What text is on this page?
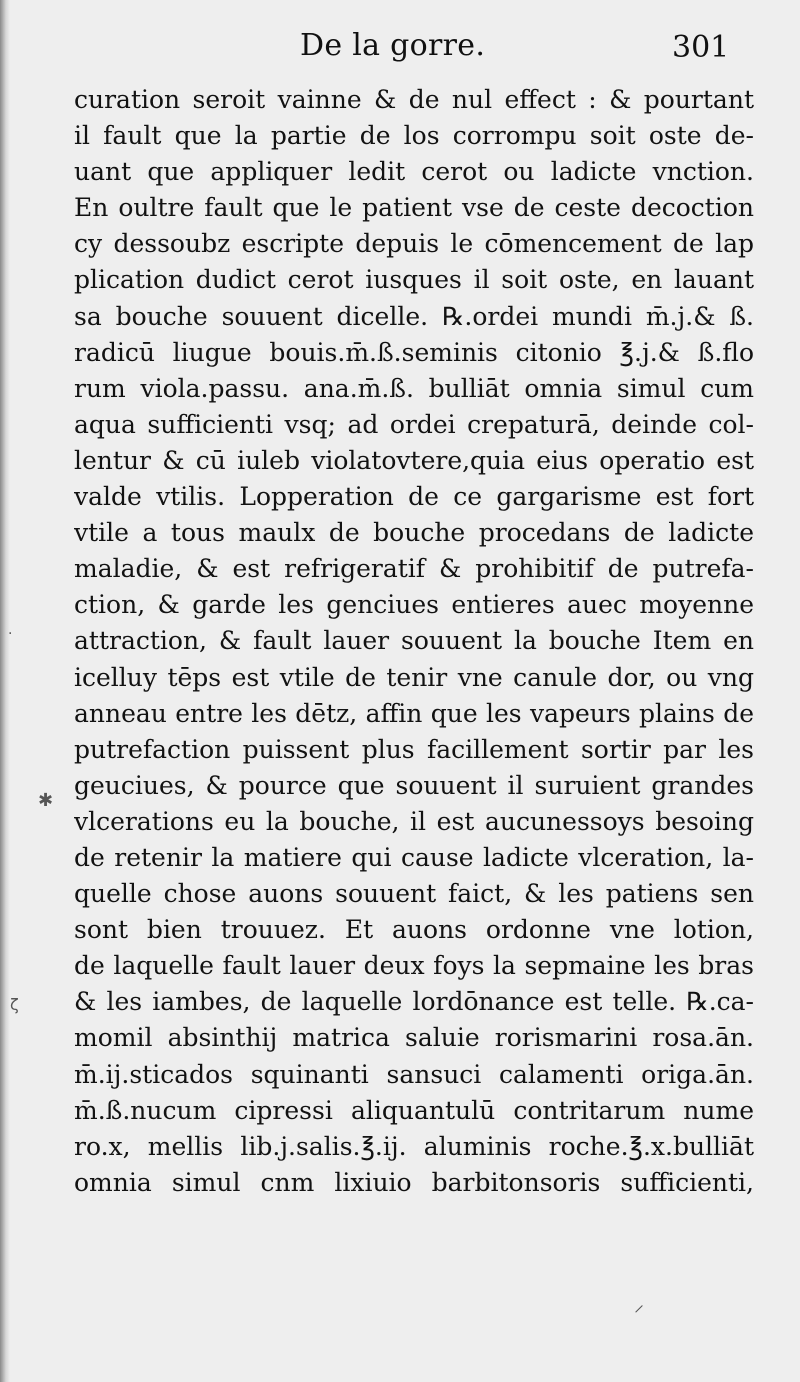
De la gorre.	301
curation seroit vainne & de nul effect : & pourtant
il fault que la partie de los corrompu soit oste de-
uant que appliquer ledit cerot ou ladicte vnction.
En oultre fault que le patient vse de ceste decoction
cy dessoubz escripte depuis le cōmencement de lap
plication dudict cerot iusques il soit oste, en lauant
sa bouche souuent dicelle. ℞.ordei mundi m̄.j.& ß.
radicū liugue bouis.m̄.ß.seminis citonio ℥.j.& ß.flo
rum viola.passu. ana.m̄.ß. bulliāt omnia simul cum
aqua sufficienti vsq; ad ordei crepaturā, deinde col-
lentur & cū iuleb violatovtere,quia eius operatio est
valde vtilis. Lopperation de ce gargarisme est fort
vtile a tous maulx de bouche procedans de ladicte
maladie, & est refrigeratif & prohibitif de putrefa-
ction, & garde les genciues entieres auec moyenne
attraction, & fault lauer souuent la bouche Item en
icelluy tēps est vtile de tenir vne canule dor, ou vng
anneau entre les dētz, affin que les vapeurs plains de
putrefaction puissent plus facillement sortir par les
geuciues, & pource que souuent il suruient grandes
vlcerations eu la bouche, il est aucunessoys besoing
de retenir la matiere qui cause ladicte vlceration, la-
quelle chose auons souuent faict, & les patiens sen
sont bien trouuez. Et auons ordonne vne lotion,
de laquelle fault lauer deux foys la sepmaine les bras
& les iambes, de laquelle lordōnance est telle. ℞.ca-
momil absinthij matrica saluie rorismarini rosa.ān.
m̄.ij.sticados squinanti sansuci calamenti origa.ān.
m̄.ß.nucum cipressi aliquantulū contritarum nume
ro.x, mellis lib.j.salis.℥.ij. aluminis roche.℥.x.bulliāt
omnia simul cnm lixiuio barbitonsoris sufficienti,
✱
ζ
·
⸝
